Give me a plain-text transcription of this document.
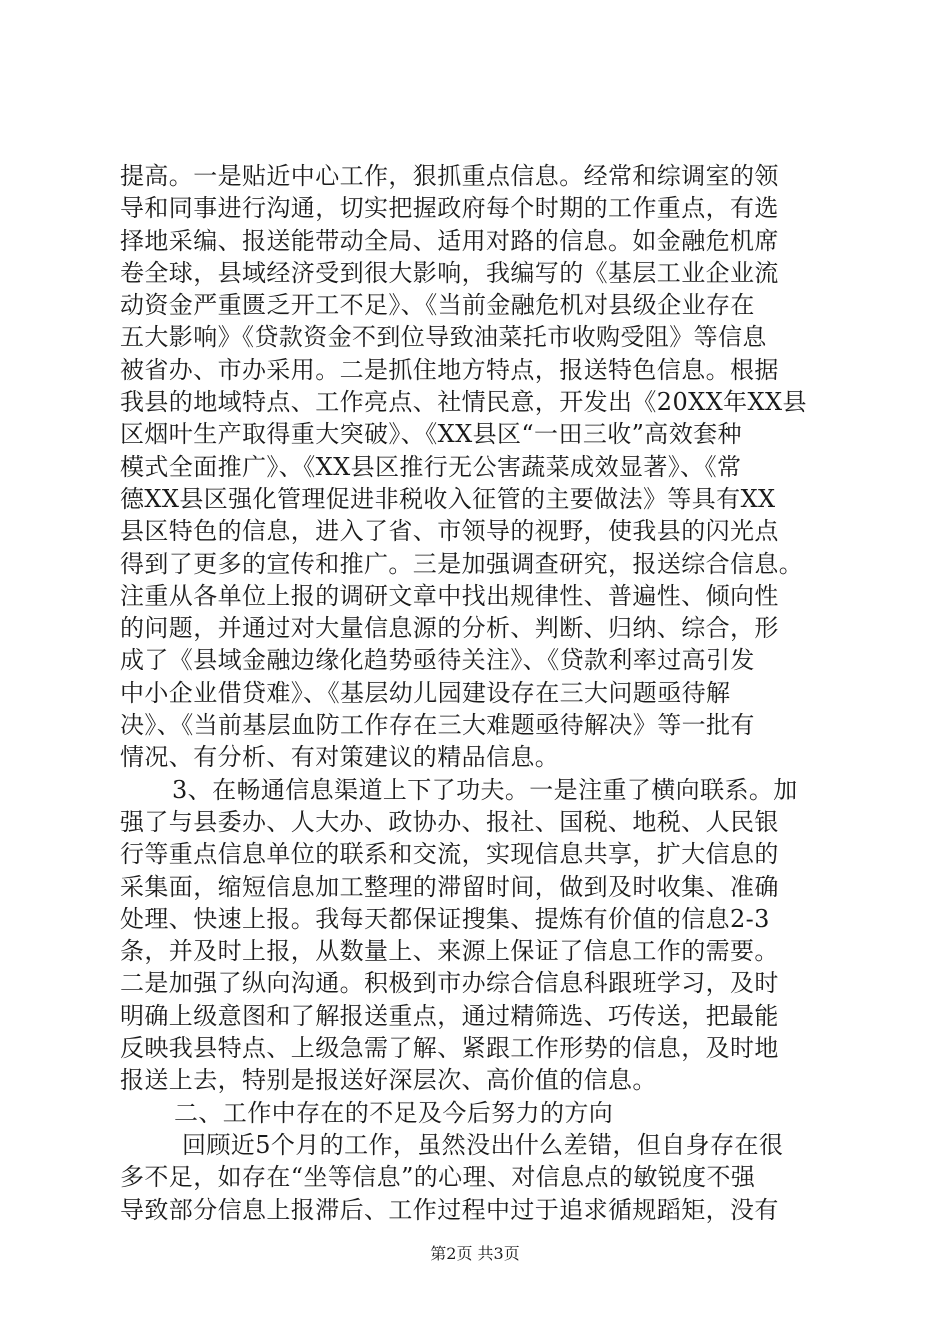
提高。一是贴近中心工作，狠抓重点信息。经常和综调室的领
导和同事进行沟通，切实把握政府每个时期的工作重点，有选
择地采编、报送能带动全局、适用对路的信息。如金融危机席
卷全球，县域经济受到很大影响，我编写的《基层工业企业流
动资金严重匮乏开工不足》、《当前金融危机对县级企业存在
五大影响》《贷款资金不到位导致油菜托市收购受阻》等信息
被省办、市办采用。二是抓住地方特点，报送特色信息。根据
我县的地域特点、工作亮点、社情民意，开发出《20XX年XX县
区烟叶生产取得重大突破》、《XX县区“一田三收”高效套种
模式全面推广》、《XX县区推行无公害蔬菜成效显著》、《常
德XX县区强化管理促进非税收入征管的主要做法》等具有XX
县区特色的信息，进入了省、市领导的视野，使我县的闪光点
得到了更多的宣传和推广。三是加强调查研究，报送综合信息。
注重从各单位上报的调研文章中找出规律性、普遍性、倾向性
的问题，并通过对大量信息源的分析、判断、归纳、综合，形
成了《县域金融边缘化趋势亟待关注》、《贷款利率过高引发
中小企业借贷难》、《基层幼儿园建设存在三大问题亟待解
决》、《当前基层血防工作存在三大难题亟待解决》等一批有
情况、有分析、有对策建议的精品信息。
3、在畅通信息渠道上下了功夫。一是注重了横向联系。加
强了与县委办、人大办、政协办、报社、国税、地税、人民银
行等重点信息单位的联系和交流，实现信息共享，扩大信息的
采集面，缩短信息加工整理的滞留时间，做到及时收集、准确
处理、快速上报。我每天都保证搜集、提炼有价值的信息2-3
条，并及时上报，从数量上、来源上保证了信息工作的需要。
二是加强了纵向沟通。积极到市办综合信息科跟班学习，及时
明确上级意图和了解报送重点，通过精筛选、巧传送，把最能
反映我县特点、上级急需了解、紧跟工作形势的信息，及时地
报送上去，特别是报送好深层次、高价值的信息。
二、工作中存在的不足及今后努力的方向
回顾近5个月的工作，虽然没出什么差错，但自身存在很
多不足，如存在“坐等信息”的心理、对信息点的敏锐度不强
导致部分信息上报滞后、工作过程中过于追求循规蹈矩，没有
第2页 共3页
